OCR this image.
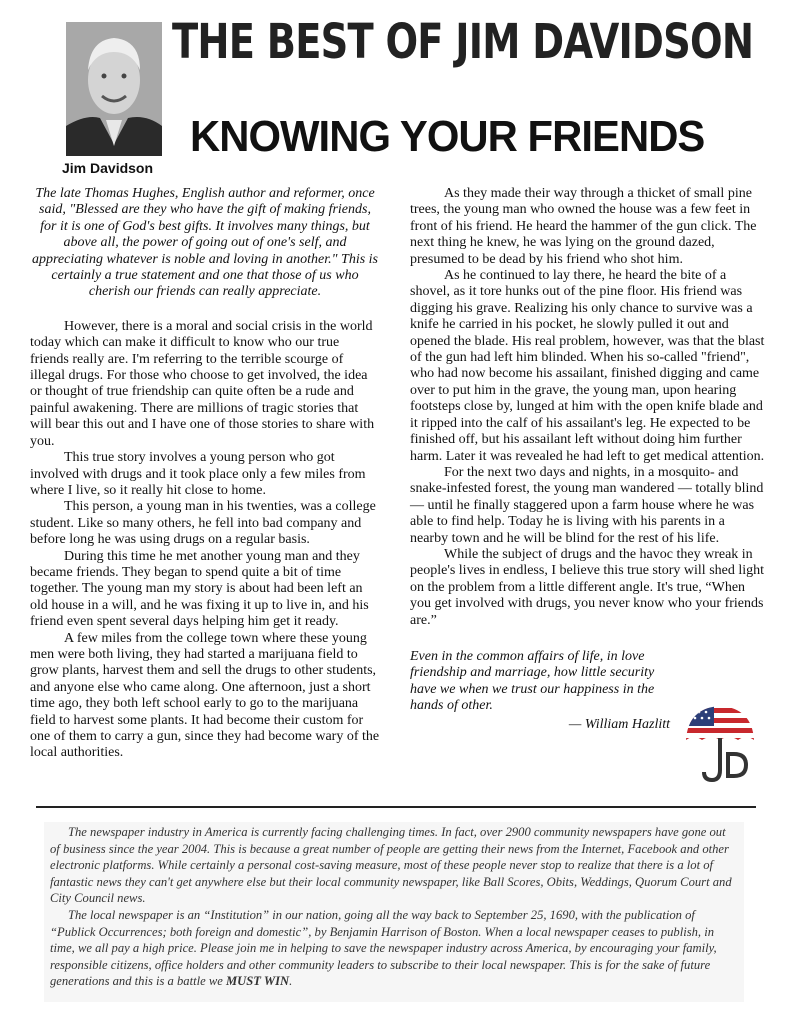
Jim Davidson
THE BEST OF JIM DAVIDSON
KNOWING YOUR FRIENDS

The late Thomas Hughes, English author and reformer, once said, "Blessed are they who have the gift of making friends, for it is one of God's best gifts. It involves many things, but above all, the power of going out of one's self, and appreciating whatever is noble and loving in another." This is certainly a true statement and one that those of us who cherish our friends can really appreciate.

However, there is a moral and social crisis in the world today which can make it difficult to know who our true friends really are. I'm referring to the terrible scourge of illegal drugs. For those who choose to get involved, the idea or thought of true friendship can quite often be a rude and painful awakening. There are millions of tragic stories that will bear this out and I have one of those stories to share with you.

This true story involves a young person who got involved with drugs and it took place only a few miles from where I live, so it really hit close to home.

This person, a young man in his twenties, was a college student. Like so many others, he fell into bad company and before long he was using drugs on a regular basis.

During this time he met another young man and they became friends. They began to spend quite a bit of time together. The young man my story is about had been left an old house in a will, and he was fixing it up to live in, and his friend even spent several days helping him get it ready.

A few miles from the college town where these young men were both living, they had started a marijuana field to grow plants, harvest them and sell the drugs to other students, and anyone else who came along. One afternoon, just a short time ago, they both left school early to go to the marijuana field to harvest some plants. It had become their custom for one of them to carry a gun, since they had become wary of the local authorities.

As they made their way through a thicket of small pine trees, the young man who owned the house was a few feet in front of his friend. He heard the hammer of the gun click. The next thing he knew, he was lying on the ground dazed, presumed to be dead by his friend who shot him.

As he continued to lay there, he heard the bite of a shovel, as it tore hunks out of the pine floor. His friend was digging his grave. Realizing his only chance to survive was a knife he carried in his pocket, he slowly pulled it out and opened the blade. His real problem, however, was that the blast of the gun had left him blinded. When his so-called "friend", who had now become his assailant, finished digging and came over to put him in the grave, the young man, upon hearing footsteps close by, lunged at him with the open knife blade and it ripped into the calf of his assailant's leg. He expected to be finished off, but his assailant left without doing him further harm. Later it was revealed he had left to get medical attention.

For the next two days and nights, in a mosquito- and snake-infested forest, the young man wandered — totally blind — until he finally staggered upon a farm house where he was able to find help. Today he is living with his parents in a nearby town and he will be blind for the rest of his life.

While the subject of drugs and the havoc they wreak in people's lives in endless, I believe this true story will shed light on the problem from a little different angle. It's true, “When you get involved with drugs, you never know who your friends are.”

Even in the common affairs of life, in love friendship and marriage, how little security have we when we trust our happiness in the hands of other.
— William Hazlitt

The newspaper industry in America is currently facing challenging times. In fact, over 2900 community newspapers have gone out of business since the year 2004. This is because a great number of people are getting their news from the Internet, Facebook and other electronic platforms. While certainly a personal cost-saving measure, most of these people never stop to realize that there is a lot of fantastic news they can't get anywhere else but their local community newspaper, like Ball Scores, Obits, Weddings, Quorum Court and City Council news.

The local newspaper is an “Institution” in our nation, going all the way back to September 25, 1690, with the publication of “Publick Occurrences; both foreign and domestic”, by Benjamin Harrison of Boston. When a local newspaper ceases to publish, in time, we all pay a high price. Please join me in helping to save the newspaper industry across America, by encouraging your family, responsible citizens, office holders and other community leaders to subscribe to their local newspaper. This is for the sake of future generations and this is a battle we MUST WIN.
